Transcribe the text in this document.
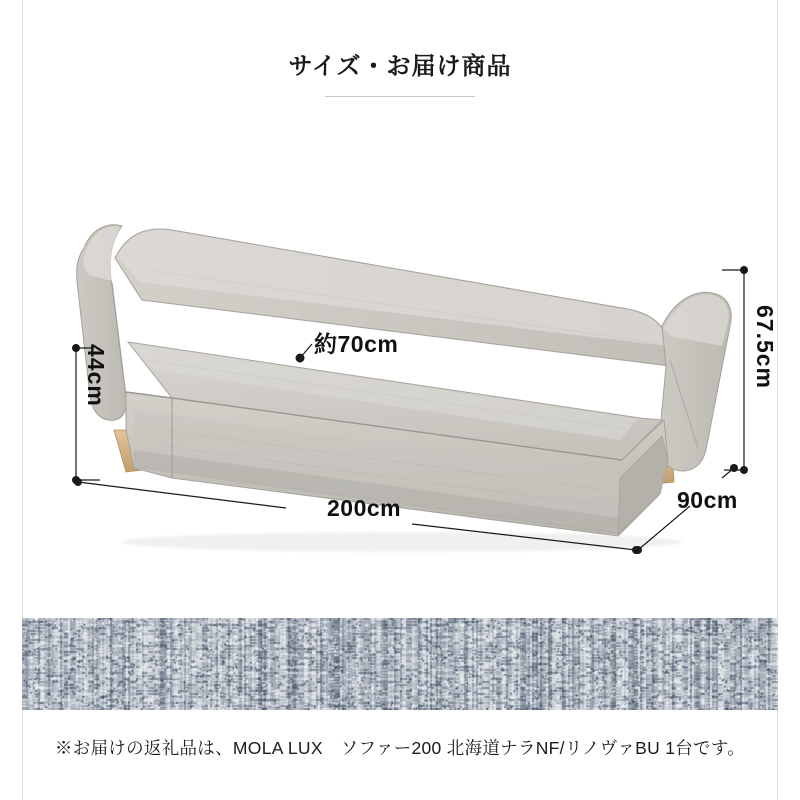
サイズ・お届け商品
約70cm
200cm	90cm
44cm	67.5cm
※お届けの返礼品は、MOLA LUX　ソファー200 北海道ナラNF/リノヴァBU 1台です。
